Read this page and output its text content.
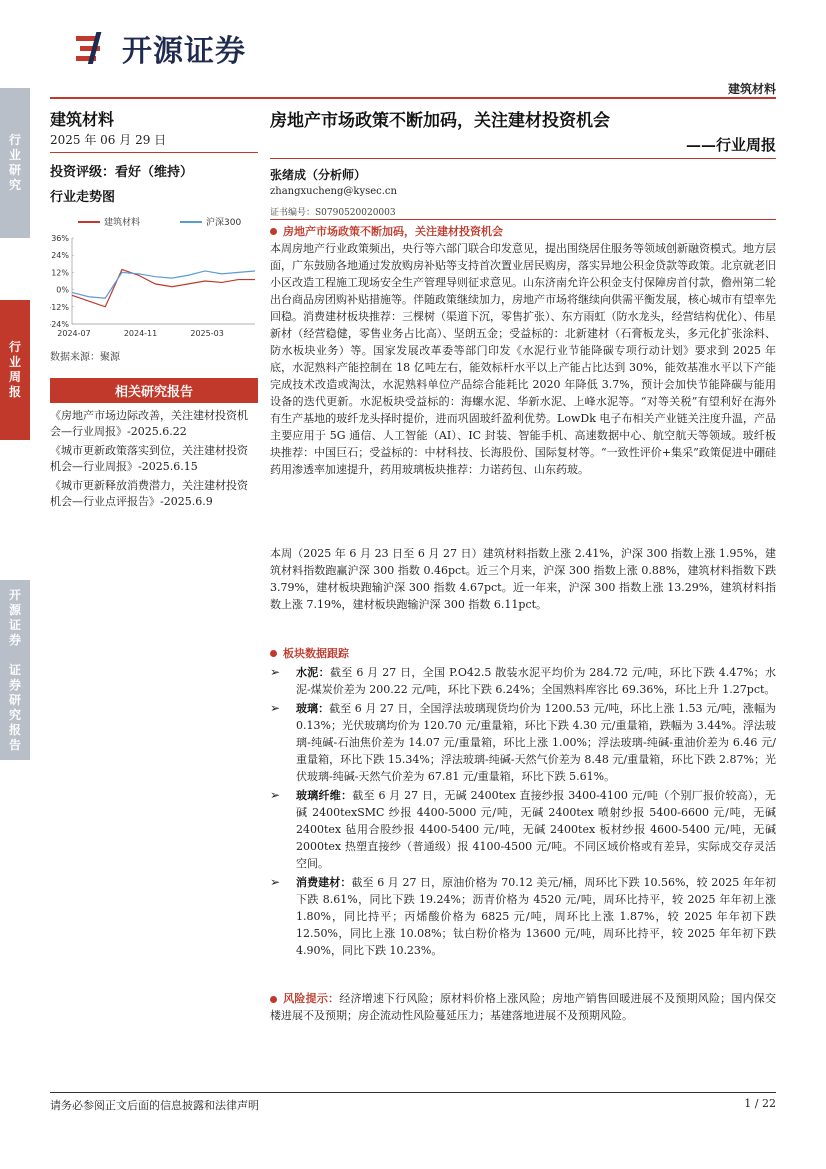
开源证券
建筑材料
行
业
研
究
行
业
周
报
开
源
证
券

证
券
研
究
报
告
建筑材料
2025 年 06 月 29 日
投资评级：看好（维持）
行业走势图
建筑材料	沪深300
36%
24%
12%
0%
-12%
-24%
2024-07	2024-11	2025-03
数据来源：聚源
相关研究报告
《房地产市场边际改善，关注建材投资机会—行业周报》-2025.6.22
《城市更新政策落实到位，关注建材投资机会—行业周报》-2025.6.15
《城市更新释放消费潜力，关注建材投资机会—行业点评报告》-2025.6.9
房地产市场政策不断加码，关注建材投资机会
——行业周报
张绪成（分析师）
zhangxucheng@kysec.cn
证书编号：S0790520020003
房地产市场政策不断加码，关注建材投资机会
本周房地产行业政策频出，央行等六部门联合印发意见，提出围绕居住服务等领域创新融资模式。地方层面，广东鼓励各地通过发放购房补贴等支持首次置业居民购房，落实异地公积金贷款等政策。北京就老旧小区改造工程施工现场安全生产管理导则征求意见。山东济南允许公积金支付保障房首付款，儋州第二轮出台商品房团购补贴措施等。伴随政策继续加力，房地产市场将继续向供需平衡发展，核心城市有望率先回稳。消费建材板块推荐：三棵树（渠道下沉，零售扩张）、东方雨虹（防水龙头，经营结构优化）、伟星新材（经营稳健，零售业务占比高）、坚朗五金；受益标的：北新建材（石膏板龙头，多元化扩张涂料、防水板块业务）等。国家发展改革委等部门印发《水泥行业节能降碳专项行动计划》要求到 2025 年底，水泥熟料产能控制在 18 亿吨左右，能效标杆水平以上产能占比达到 30%，能效基准水平以下产能完成技术改造或淘汰，水泥熟料单位产品综合能耗比 2020 年降低 3.7%，预计会加快节能降碳与能用设备的迭代更新。水泥板块受益标的：海螺水泥、华新水泥、上峰水泥等。“对等关税”有望利好在海外有生产基地的玻纤龙头择时提价，进而巩固玻纤盈利优势。LowDk 电子布相关产业链关注度升温，产品主要应用于 5G 通信、人工智能（AI）、IC 封装、智能手机、高速数据中心、航空航天等领域。玻纤板块推荐：中国巨石；受益标的：中材科技、长海股份、国际复材等。“一致性评价+集采”政策促进中硼硅药用渗透率加速提升，药用玻璃板块推荐：力诺药包、山东药玻。
本周（2025 年 6 月 23 日至 6 月 27 日）建筑材料指数上涨 2.41%，沪深 300 指数上涨 1.95%，建筑材料指数跑赢沪深 300 指数 0.46pct。近三个月来，沪深 300 指数上涨 0.88%，建筑材料指数下跌 3.79%，建材板块跑输沪深 300 指数 4.67pct。近一年来，沪深 300 指数上涨 13.29%，建筑材料指数上涨 7.19%，建材板块跑输沪深 300 指数 6.11pct。
板块数据跟踪
➢	水泥：截至 6 月 27 日，全国 P.O42.5 散装水泥平均价为 284.72 元/吨，环比下跌 4.47%；水泥-煤炭价差为 200.22 元/吨，环比下跌 6.24%；全国熟料库容比 69.36%，环比上升 1.27pct。
➢	玻璃：截至 6 月 27 日，全国浮法玻璃现货均价为 1200.53 元/吨，环比上涨 1.53 元/吨，涨幅为 0.13%；光伏玻璃均价为 120.70 元/重量箱，环比下跌 4.30 元/重量箱，跌幅为 3.44%。浮法玻璃-纯碱-石油焦价差为 14.07 元/重量箱，环比上涨 1.00%；浮法玻璃-纯碱-重油价差为 6.46 元/重量箱，环比下跌 15.34%；浮法玻璃-纯碱-天然气价差为 8.48 元/重量箱，环比下跌 2.87%；光伏玻璃-纯碱-天然气价差为 67.81 元/重量箱，环比下跌 5.61%。
➢	玻璃纤维：截至 6 月 27 日，无碱 2400tex 直接纱报 3400-4100 元/吨（个别厂报价较高），无碱 2400texSMC 纱报 4400-5000 元/吨，无碱 2400tex 喷射纱报 5400-6600 元/吨，无碱 2400tex 毡用合股纱报 4400-5400 元/吨，无碱 2400tex 板材纱报 4600-5400 元/吨，无碱 2000tex 热塑直接纱（普通级）报 4100-4500 元/吨。不同区域价格或有差异，实际成交存灵活空间。
➢	消费建材：截至 6 月 27 日，原油价格为 70.12 美元/桶，周环比下跌 10.56%，较 2025 年年初下跌 8.61%，同比下跌 19.24%；沥青价格为 4520 元/吨，周环比持平，较 2025 年年初上涨 1.80%，同比持平；丙烯酸价格为 6825 元/吨，周环比上涨 1.87%，较 2025 年年初下跌 12.50%，同比上涨 10.08%；钛白粉价格为 13600 元/吨，周环比持平，较 2025 年年初下跌 4.90%，同比下跌 10.23%。
风险提示：经济增速下行风险；原材料价格上涨风险；房地产销售回暖进展不及预期风险；国内保交楼进展不及预期；房企流动性风险蔓延压力；基建落地进展不及预期风险。
请务必参阅正文后面的信息披露和法律声明	1 / 22
